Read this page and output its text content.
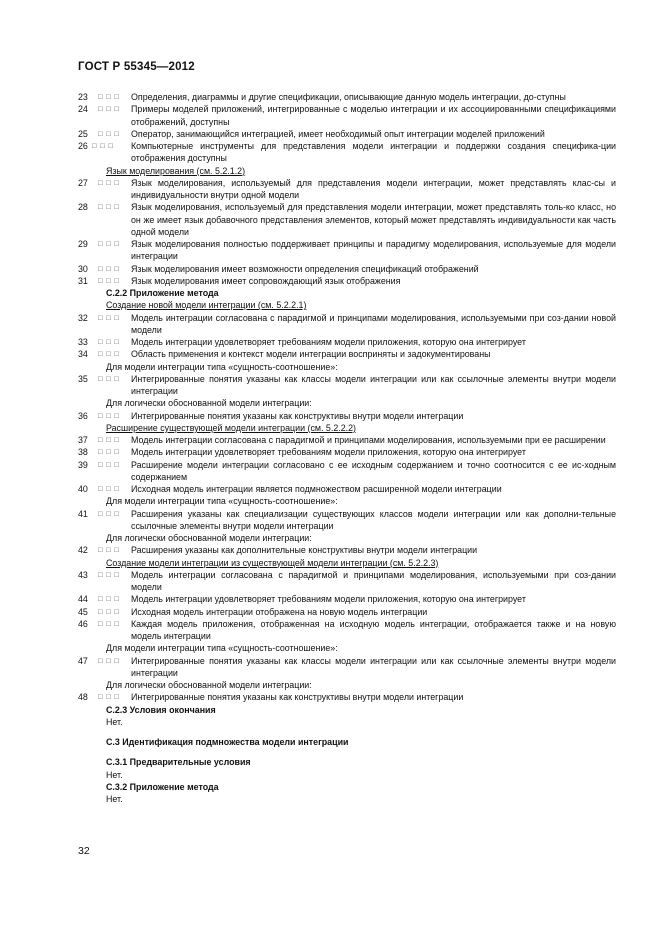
ГОСТ Р 55345—2012
23	□ □ □ Определения, диаграммы и другие спецификации, описывающие данную модель интеграции, до-ступны
24	□ □ □ Примеры моделей приложений, интегрированные с моделью интеграции и их ассоциированными спецификациями отображений, доступны
25	□ □ □ Оператор, занимающийся интеграцией, имеет необходимый опыт интеграции моделей приложений
26 □ □ □ Компьютерные инструменты для представления модели интеграции и поддержки создания специфика-ции отображения доступны
Язык моделирования (см. 5.2.1.2)
27	□ □ □ Язык моделирования, используемый для представления модели интеграции, может представлять клас-сы и индивидуальности внутри одной модели
28	□ □ □ Язык моделирования, используемый для представления модели интеграции, может представлять толь-ко класс, но он же имеет язык добавочного представления элементов, который может представлять индивидуальности как часть одной модели
29	□ □ □ Язык моделирования полностью поддерживает принципы и парадигму моделирования, используемые для модели интеграции
30	□ □ □ Язык моделирования имеет возможности определения спецификаций отображений
31	□ □ □ Язык моделирования имеет сопровождающий язык отображения
С.2.2 Приложение метода
Создание новой модели интеграции (см. 5.2.2.1)
32	□ □ □ Модель интеграции согласована с парадигмой и принципами моделирования, используемыми при соз-дании новой модели
33	□ □ □ Модель интеграции удовлетворяет требованиям модели приложения, которую она интегрирует
34	□ □ □ Область применения и контекст модели интеграции восприняты и задокументированы
Для модели интеграции типа «сущность-соотношение»:
35	□ □ □ Интегрированные понятия указаны как классы модели интеграции или как ссылочные элементы внутри модели интеграции
Для логически обоснованной модели интеграции:
36	□ □ □ Интегрированные понятия указаны как конструктивы внутри модели интеграции
Расширение существующей модели интеграции (см. 5.2.2.2)
37	□ □ □ Модель интеграции согласована с парадигмой и принципами моделирования, используемыми при ее расширении
38	□ □ □ Модель интеграции удовлетворяет требованиям модели приложения, которую она интегрирует
39	□ □ □ Расширение модели интеграции согласовано с ее исходным содержанием и точно соотносится с ее ис-ходным содержанием
40	□ □ □ Исходная модель интеграции является подмножеством расширенной модели интеграции
Для модели интеграции типа «сущность-соотношение»:
41	□ □ □ Расширения указаны как специализации существующих классов модели интеграции или как дополни-тельные ссылочные элементы внутри модели интеграции
Для логически обоснованной модели интеграции:
42	□ □ □ Расширения указаны как дополнительные конструктивы внутри модели интеграции
Создание модели интеграции из существующей модели интеграции (см. 5.2.2.3)
43	□ □ □ Модель интеграции согласована с парадигмой и принципами моделирования, используемыми при соз-дании модели
44	□ □ □ Модель интеграции удовлетворяет требованиям модели приложения, которую она интегрирует
45	□ □ □ Исходная модель интеграции отображена на новую модель интеграции
46	□ □ □ Каждая модель приложения, отображенная на исходную модель интеграции, отображается также и на новую модель интеграции
Для модели интеграции типа «сущность-соотношение»:
47	□ □ □ Интегрированные понятия указаны как классы модели интеграции или как ссылочные элементы внутри модели интеграции
Для логически обоснованной модели интеграции:
48	□ □ □ Интегрированные понятия указаны как конструктивы внутри модели интеграции
С.2.3 Условия окончания
Нет.
С.3 Идентификация подмножества модели интеграции
С.3.1 Предварительные условия
Нет.
С.3.2 Приложение метода
Нет.
32
